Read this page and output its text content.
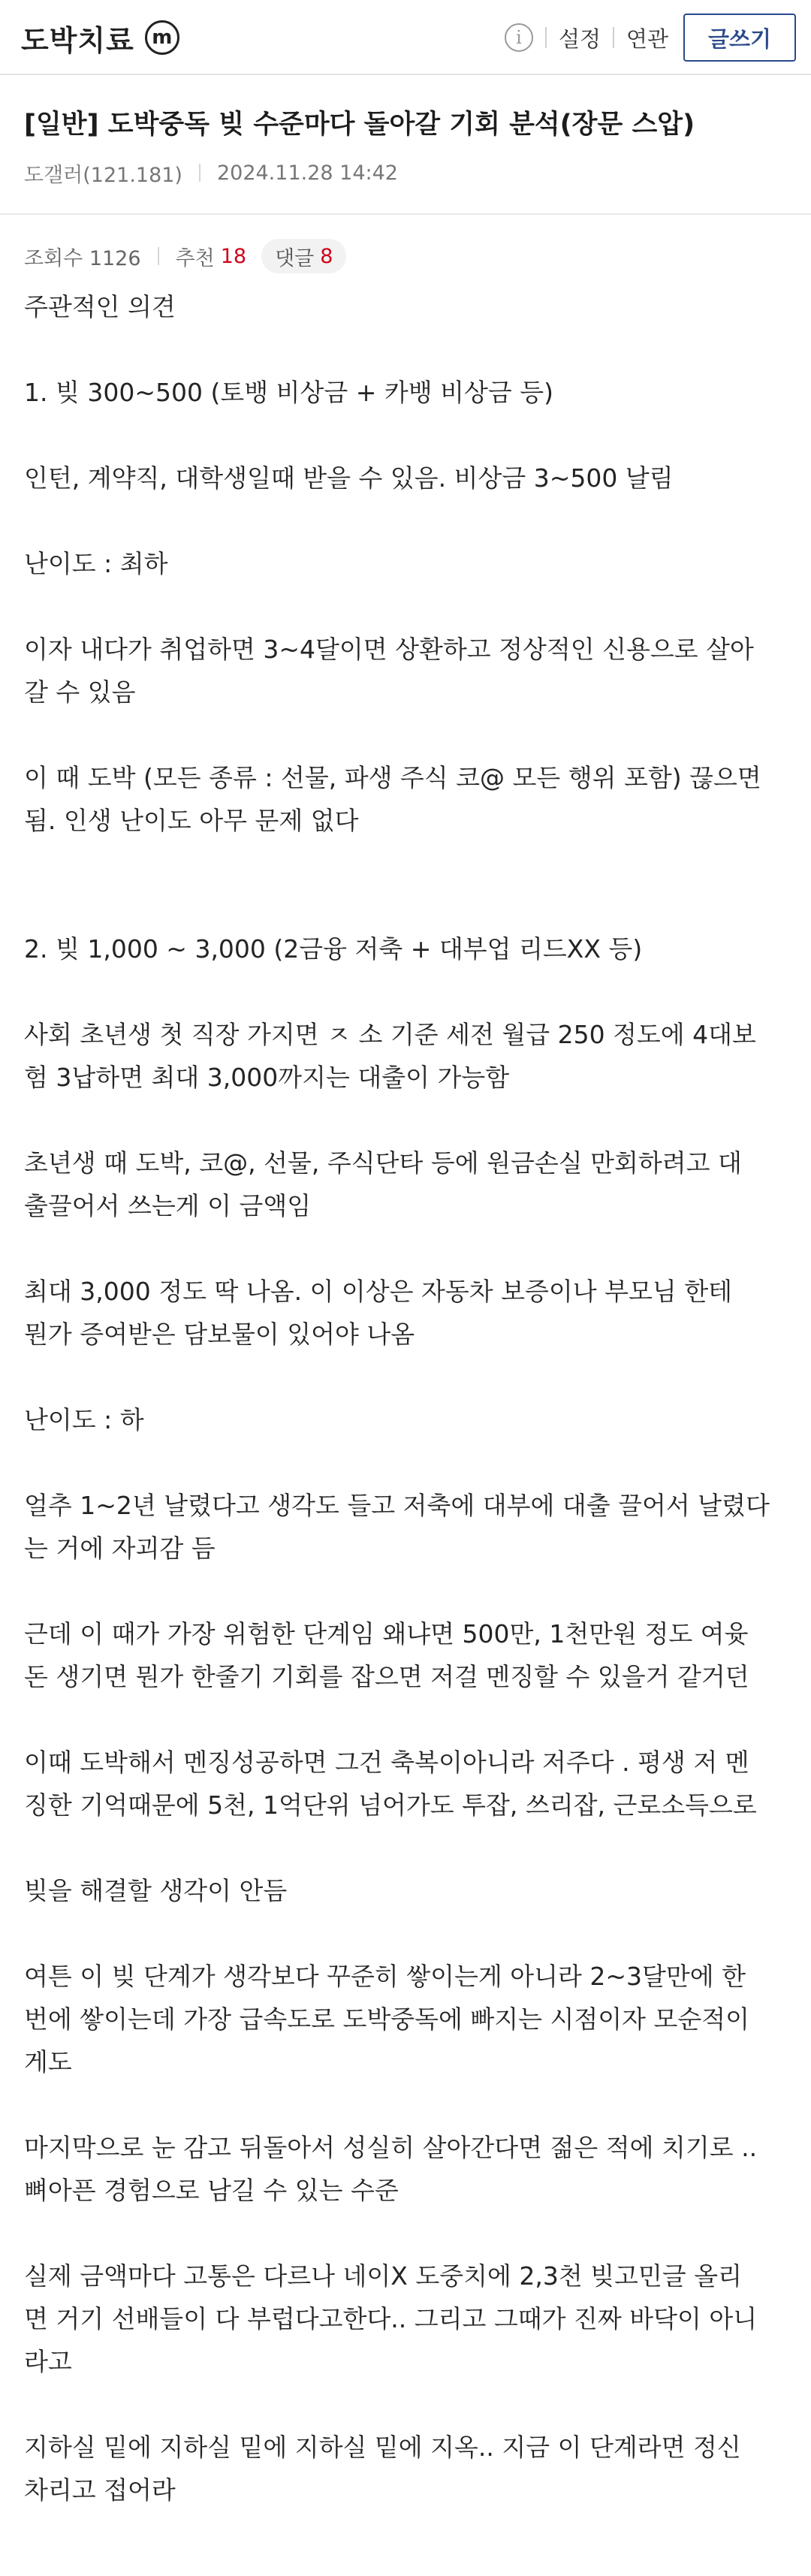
도박치료 m	i	설정 연관	글쓰기
[일반] 도박중독 빚 수준마다 돌아갈 기회 분석(장문 스압)
도갤러(121.181) 2024.11.28 14:42
조회수 1126 추천 18 댓글 8
주관적인 의견
1. 빚 300~500 (토뱅 비상금 + 카뱅 비상금 등)
인턴, 계약직, 대학생일때 받을 수 있음. 비상금 3~500 날림
난이도 : 최하
이자 내다가 취업하면 3~4달이면 상환하고 정상적인 신용으로 살아
갈 수 있음
이 때 도박 (모든 종류 : 선물, 파생 주식 코@ 모든 행위 포함) 끊으면
됨. 인생 난이도 아무 문제 없다
2. 빚 1,000 ~ 3,000 (2금융 저축 + 대부업 리드XX 등)
사회 초년생 첫 직장 가지면 ㅈ 소 기준 세전 월급 250 정도에 4대보
험 3납하면 최대 3,000까지는 대출이 가능함
초년생 때 도박, 코@, 선물, 주식단타 등에 원금손실 만회하려고 대
출끌어서 쓰는게 이 금액임
최대 3,000 정도 딱 나옴. 이 이상은 자동차 보증이나 부모님 한테
뭔가 증여받은 담보물이 있어야 나옴
난이도 : 하
얼추 1~2년 날렸다고 생각도 들고 저축에 대부에 대출 끌어서 날렸다
는 거에 자괴감 듬
근데 이 때가 가장 위험한 단계임 왜냐면 500만, 1천만원 정도 여윳
돈 생기면 뭔가 한줄기 기회를 잡으면 저걸 멘징할 수 있을거 같거던
이때 도박해서 멘징성공하면 그건 축복이아니라 저주다 . 평생 저 멘
징한 기억때문에 5천, 1억단위 넘어가도 투잡, 쓰리잡, 근로소득으로
빚을 해결할 생각이 안듬
여튼 이 빚 단계가 생각보다 꾸준히 쌓이는게 아니라 2~3달만에 한
번에 쌓이는데 가장 급속도로 도박중독에 빠지는 시점이자 모순적이
게도
마지막으로 눈 감고 뒤돌아서 성실히 살아간다면 젊은 적에 치기로 ..
뼈아픈 경험으로 남길 수 있는 수준
실제 금액마다 고통은 다르나 네이X 도중치에 2,3천 빚고민글 올리
면 거기 선배들이 다 부럽다고한다.. 그리고 그때가 진짜 바닥이 아니
라고
지하실 밑에 지하실 밑에 지하실 밑에 지옥.. 지금 이 단계라면 정신
차리고 접어라
